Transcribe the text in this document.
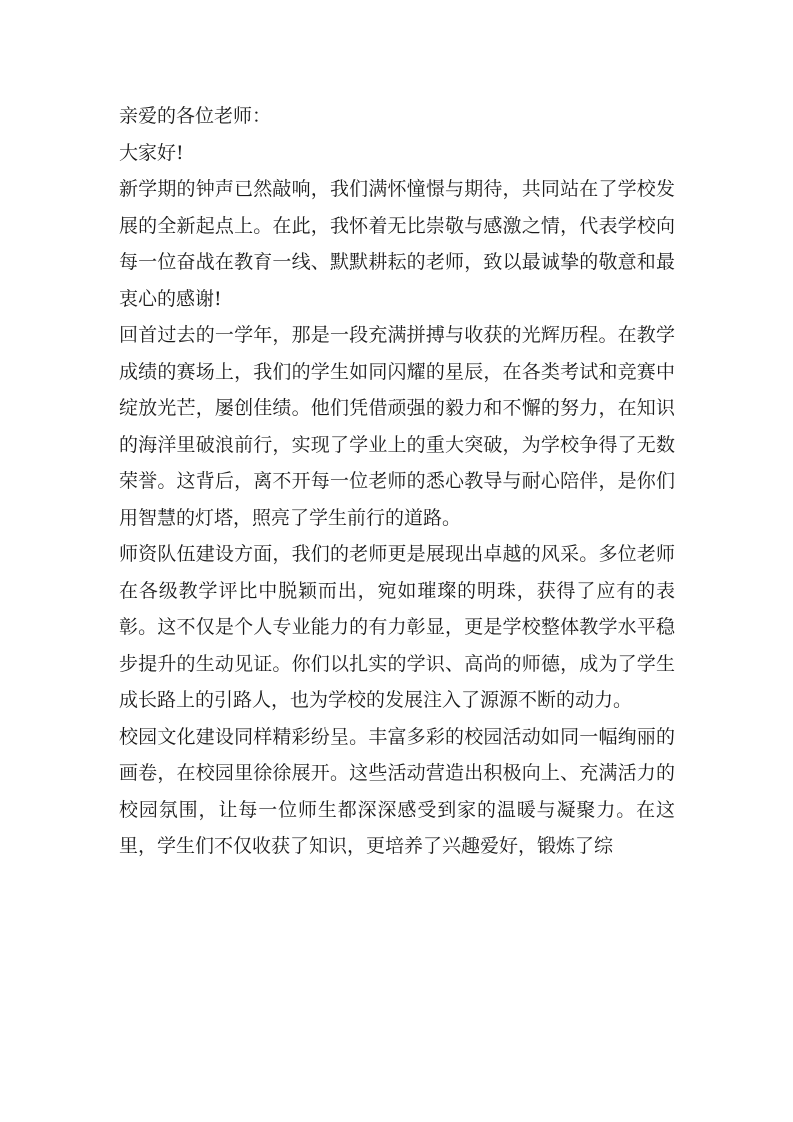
亲爱的各位老师：

大家好!

新学期的钟声已然敲响，我们满怀憧憬与期待，共同站在了学校发展的全新起点上。在此，我怀着无比崇敬与感激之情，代表学校向每一位奋战在教育一线、默默耕耘的老师，致以最诚挚的敬意和最衷心的感谢!

回首过去的一学年，那是一段充满拼搏与收获的光辉历程。在教学成绩的赛场上，我们的学生如同闪耀的星辰，在各类考试和竞赛中绽放光芒，屡创佳绩。他们凭借顽强的毅力和不懈的努力，在知识的海洋里破浪前行，实现了学业上的重大突破，为学校争得了无数荣誉。这背后，离不开每一位老师的悉心教导与耐心陪伴，是你们用智慧的灯塔，照亮了学生前行的道路。

师资队伍建设方面，我们的老师更是展现出卓越的风采。多位老师在各级教学评比中脱颖而出，宛如璀璨的明珠，获得了应有的表彰。这不仅是个人专业能力的有力彰显，更是学校整体教学水平稳步提升的生动见证。你们以扎实的学识、高尚的师德，成为了学生成长路上的引路人，也为学校的发展注入了源源不断的动力。

校园文化建设同样精彩纷呈。丰富多彩的校园活动如同一幅绚丽的画卷，在校园里徐徐展开。这些活动营造出积极向上、充满活力的校园氛围，让每一位师生都深深感受到家的温暖与凝聚力。在这里，学生们不仅收获了知识，更培养了兴趣爱好，锻炼了综
